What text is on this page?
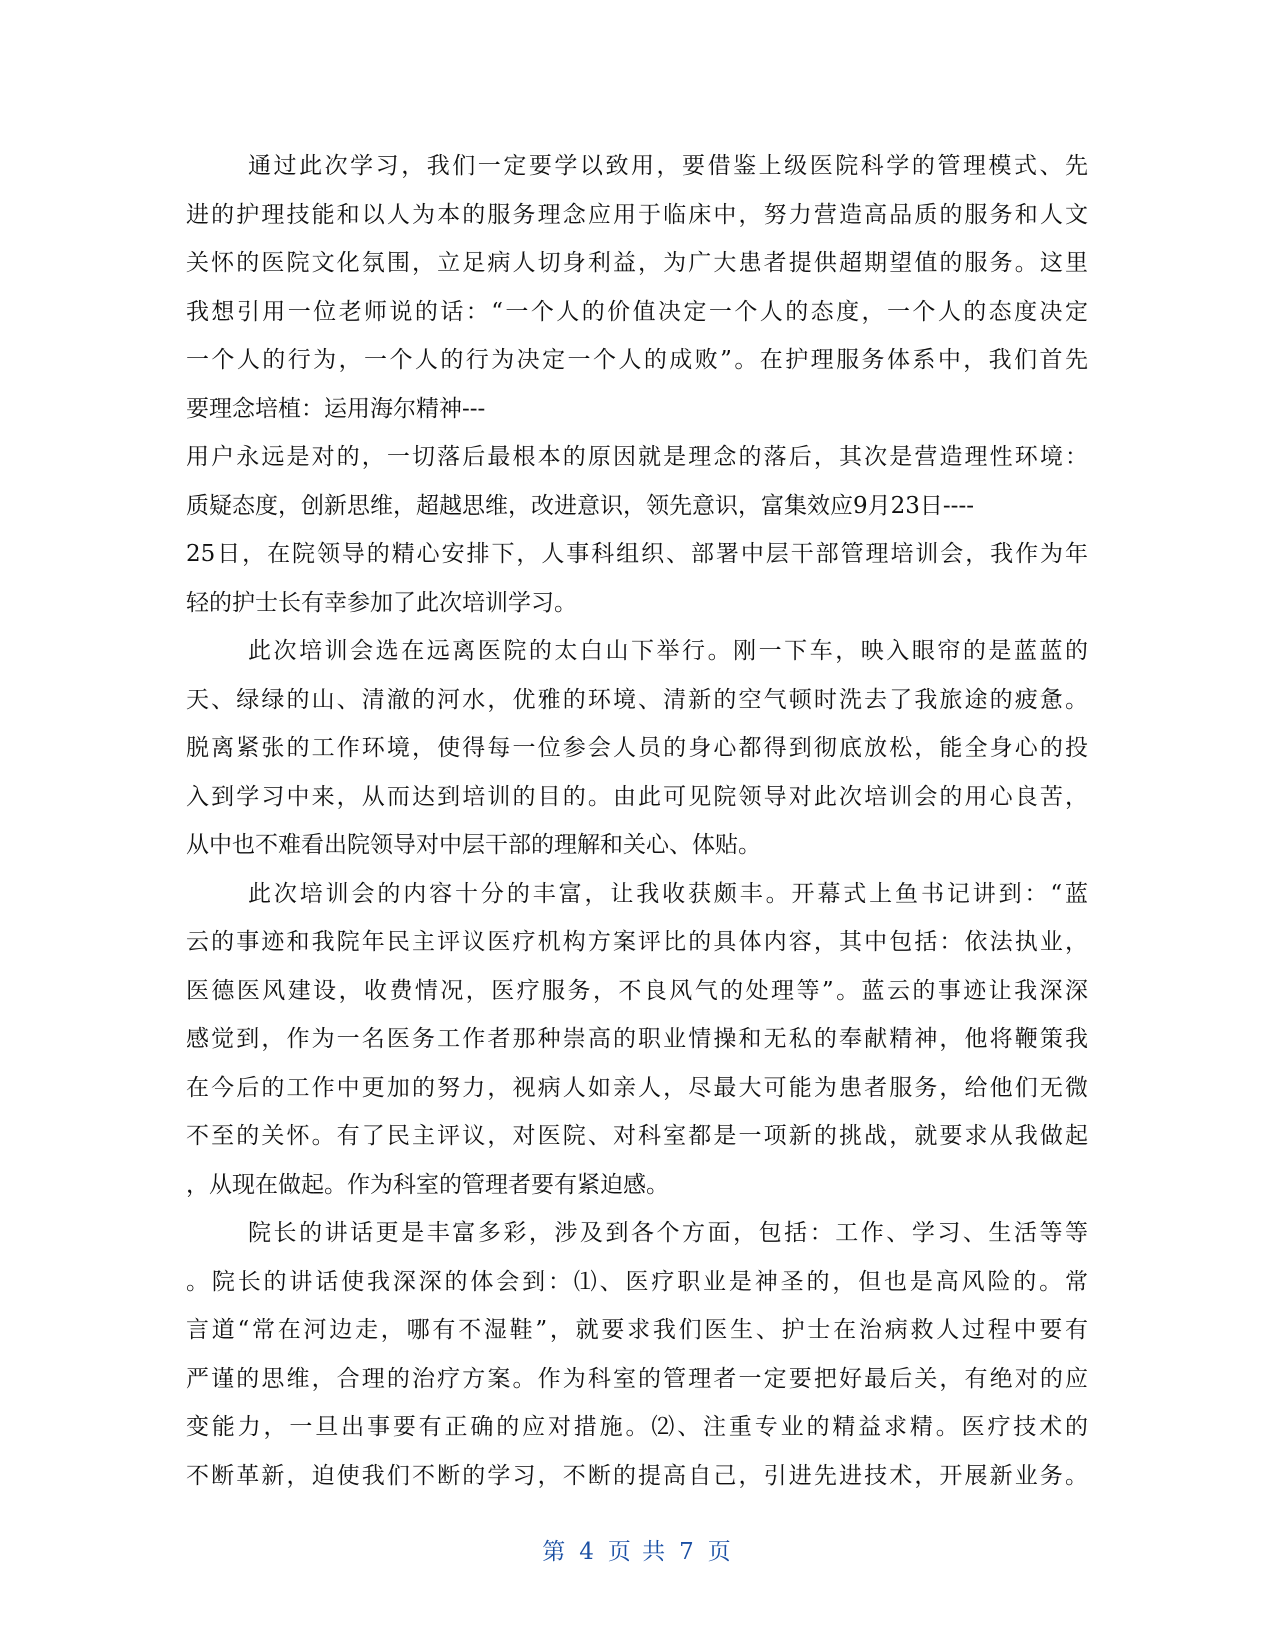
通过此次学习，我们一定要学以致用，要借鉴上级医院科学的管理模式、先
进的护理技能和以人为本的服务理念应用于临床中，努力营造高品质的服务和人文
关怀的医院文化氛围，立足病人切身利益，为广大患者提供超期望值的服务。这里
我想引用一位老师说的话：“一个人的价值决定一个人的态度，一个人的态度决定
一个人的行为，一个人的行为决定一个人的成败”。在护理服务体系中，我们首先
要理念培植：运用海尔精神---
用户永远是对的，一切落后最根本的原因就是理念的落后，其次是营造理性环境：
质疑态度，创新思维，超越思维，改进意识，领先意识，富集效应9月23日----
25日，在院领导的精心安排下，人事科组织、部署中层干部管理培训会，我作为年
轻的护士长有幸参加了此次培训学习。
此次培训会选在远离医院的太白山下举行。刚一下车，映入眼帘的是蓝蓝的
天、绿绿的山、清澈的河水，优雅的环境、清新的空气顿时洗去了我旅途的疲惫。
脱离紧张的工作环境，使得每一位参会人员的身心都得到彻底放松，能全身心的投
入到学习中来，从而达到培训的目的。由此可见院领导对此次培训会的用心良苦，
从中也不难看出院领导对中层干部的理解和关心、体贴。
此次培训会的内容十分的丰富，让我收获颇丰。开幕式上鱼书记讲到：“蓝
云的事迹和我院年民主评议医疗机构方案评比的具体内容，其中包括：依法执业，
医德医风建设，收费情况，医疗服务，不良风气的处理等”。蓝云的事迹让我深深
感觉到，作为一名医务工作者那种崇高的职业情操和无私的奉献精神，他将鞭策我
在今后的工作中更加的努力，视病人如亲人，尽最大可能为患者服务，给他们无微
不至的关怀。有了民主评议，对医院、对科室都是一项新的挑战，就要求从我做起
，从现在做起。作为科室的管理者要有紧迫感。
院长的讲话更是丰富多彩，涉及到各个方面，包括：工作、学习、生活等等
。院长的讲话使我深深的体会到：⑴、医疗职业是神圣的，但也是高风险的。常
言道“常在河边走，哪有不湿鞋”，就要求我们医生、护士在治病救人过程中要有
严谨的思维，合理的治疗方案。作为科室的管理者一定要把好最后关，有绝对的应
变能力，一旦出事要有正确的应对措施。⑵、注重专业的精益求精。医疗技术的
不断革新，迫使我们不断的学习，不断的提高自己，引进先进技术，开展新业务。
第 4 页 共 7 页
